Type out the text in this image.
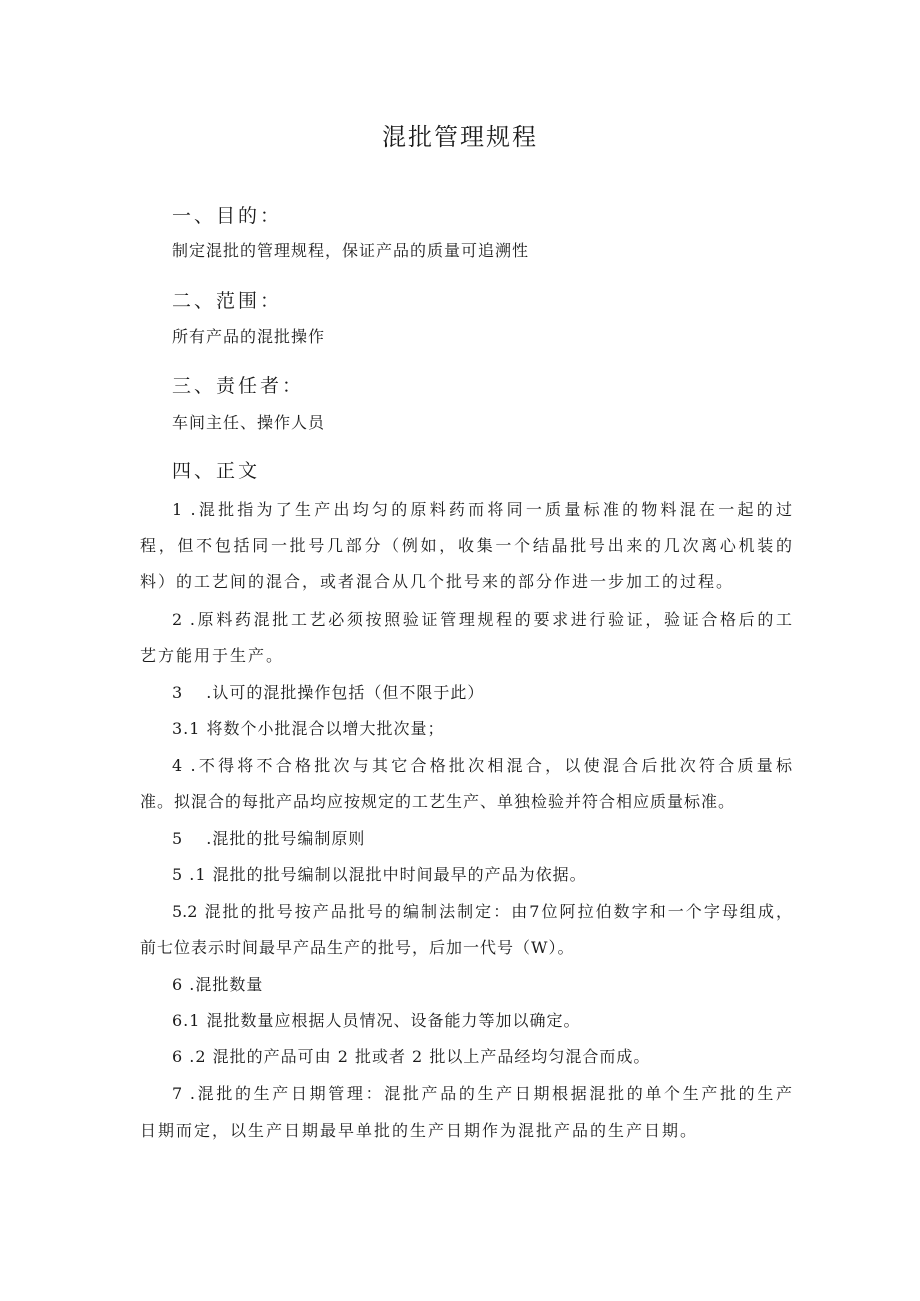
混批管理规程
一、目的：
制定混批的管理规程，保证产品的质量可追溯性
二、范围：
所有产品的混批操作
三、责任者：
车间主任、操作人员
四、正文
1 .混批指为了生产出均匀的原料药而将同一质量标准的物料混在一起的过
程，但不包括同一批号几部分（例如，收集一个结晶批号出来的几次离心机装的
料）的工艺间的混合，或者混合从几个批号来的部分作进一步加工的过程。
2 .原料药混批工艺必须按照验证管理规程的要求进行验证，验证合格后的工
艺方能用于生产。
3 　.认可的混批操作包括（但不限于此）
3.1 将数个小批混合以增大批次量；
4 .不得将不合格批次与其它合格批次相混合，以使混合后批次符合质量标
准。拟混合的每批产品均应按规定的工艺生产、单独检验并符合相应质量标准。
5 　.混批的批号编制原则
5 .1 混批的批号编制以混批中时间最早的产品为依据。
5.2 混批的批号按产品批号的编制法制定：由7位阿拉伯数字和一个字母组成，
前七位表示时间最早产品生产的批号，后加一代号（W）。
6 .混批数量
6.1 混批数量应根据人员情况、设备能力等加以确定。
6 .2 混批的产品可由 2 批或者 2 批以上产品经均匀混合而成。
7 .混批的生产日期管理：混批产品的生产日期根据混批的单个生产批的生产
日期而定，以生产日期最早单批的生产日期作为混批产品的生产日期。
